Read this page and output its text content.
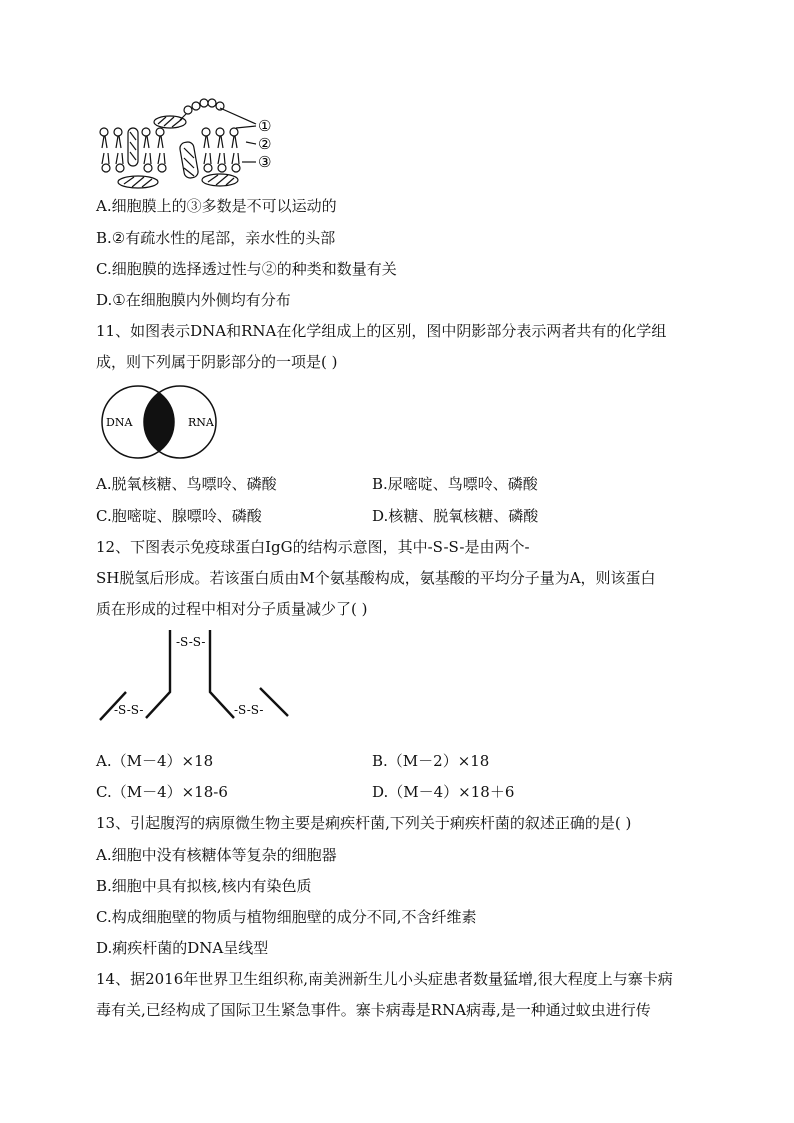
①
②
③
A.细胞膜上的③多数是不可以运动的
B.②有疏水性的尾部，亲水性的头部
C.细胞膜的选择透过性与②的种类和数量有关
D.①在细胞膜内外侧均有分布
11、如图表示DNA和RNA在化学组成上的区别，图中阴影部分表示两者共有的化学组
成，则下列属于阴影部分的一项是( )
DNA	RNA
A.脱氧核糖、鸟嘌呤、磷酸	B.尿嘧啶、鸟嘌呤、磷酸
C.胞嘧啶、腺嘌呤、磷酸	D.核糖、脱氧核糖、磷酸
12、下图表示免疫球蛋白IgG的结构示意图，其中-S-S-是由两个-
SH脱氢后形成。若该蛋白质由M个氨基酸构成，氨基酸的平均分子量为A，则该蛋白
质在形成的过程中相对分子质量减少了( )
-S-S-
-S-S-	-S-S-
A.（M－4）×18	B.（M－2）×18
C.（M－4）×18-6	D.（M－4）×18＋6
13、引起腹泻的病原微生物主要是痢疾杆菌,下列关于痢疾杆菌的叙述正确的是( )
A.细胞中没有核糖体等复杂的细胞器
B.细胞中具有拟核,核内有染色质
C.构成细胞壁的物质与植物细胞壁的成分不同,不含纤维素
D.痢疾杆菌的DNA呈线型
14、据2016年世界卫生组织称,南美洲新生儿小头症患者数量猛增,很大程度上与寨卡病
毒有关,已经构成了国际卫生紧急事件。寨卡病毒是RNA病毒,是一种通过蚊虫进行传
